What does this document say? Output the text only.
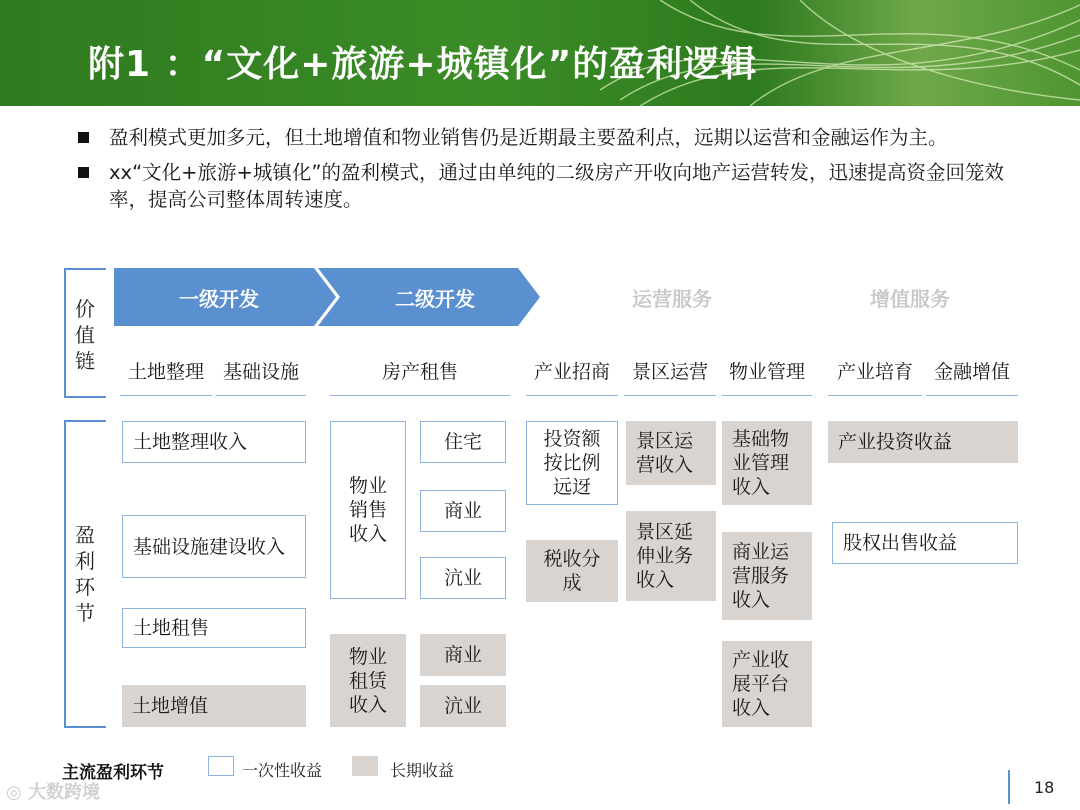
附1 ：“文化+旅游+城镇化”的盈利逻辑
盈利模式更加多元，但土地增值和物业销售仍是近期最主要盈利点，远期以运营和金融运作为主。
xx“文化+旅游+城镇化”的盈利模式，通过由单纯的二级房产开收向地产运营转发，迅速提高资金回笼效率，提高公司整体周转速度。
价值链
盈利环节
一级开发	二级开发	运营服务	增值服务
土地整理 基础设施	房产租售	产业招商	景区运营	物业管理	产业培育	金融增值
土地整理收入
基础设施建设收入
土地租售
土地增值
物业销售收入
住宅
商业
沆业
物业租赁收入
商业
沆业
投资额按比例远迓
税收分成
景区运营收入
景区延伸业务收入
基础物业管理收入
商业运营服务收入
产业收展平台收入
产业投资收益
股权出售收益
主流盈利环节	一次性收益	长期收益
◎ 大数跨境	18
